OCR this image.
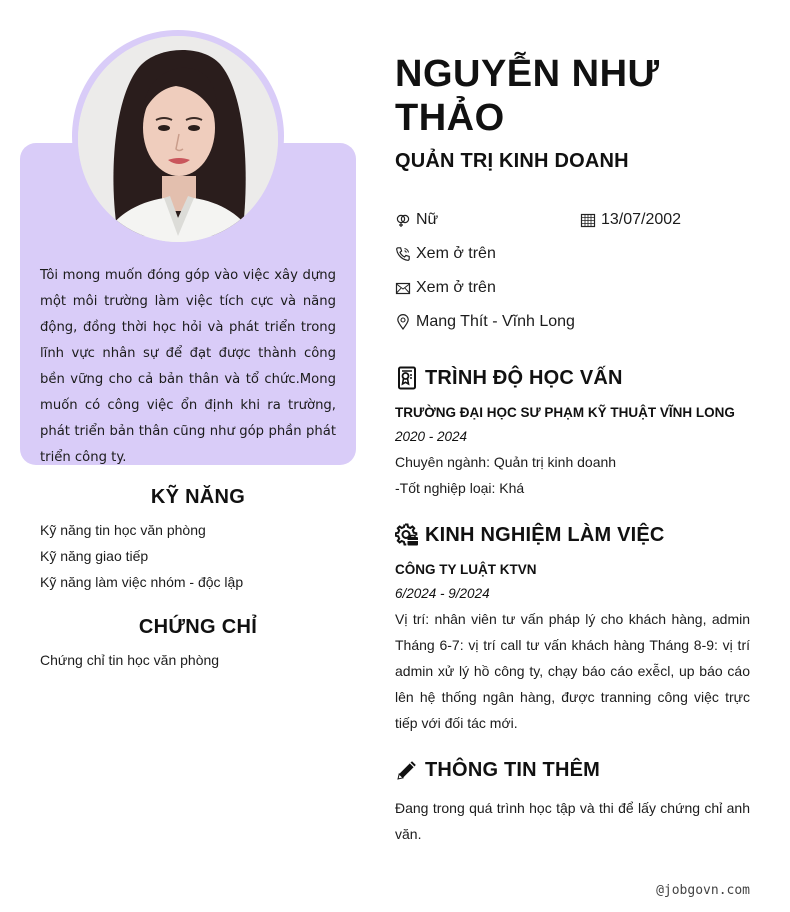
Tôi mong muốn đóng góp vào việc xây dựng một môi trường làm việc tích cực và năng động, đồng thời học hỏi và phát triển trong lĩnh vực nhân sự để đạt được thành công bền vững cho cả bản thân và tổ chức.Mong muốn có công việc ổn định khi ra trường, phát triển bản thân cũng như góp phần phát triển công ty.

KỸ NĂNG
Kỹ năng tin học văn phòng
Kỹ năng giao tiếp
Kỹ năng làm việc nhóm - độc lập
CHỨNG CHỈ
Chứng chỉ tin học văn phòng
NGUYỄN NHƯ
THẢO
QUẢN TRỊ KINH DOANH
Nữ	13/07/2002
Xem ở trên
Xem ở trên
Mang Thít - Vĩnh Long
TRÌNH ĐỘ HỌC VẤN
TRƯỜNG ĐẠI HỌC SƯ PHẠM KỸ THUẬT VĨNH LONG
2020 - 2024
Chuyên ngành: Quản trị kinh doanh
-Tốt nghiệp loại: Khá
KINH NGHIỆM LÀM VIỆC
CÔNG TY LUẬT KTVN
6/2024 - 9/2024

Vị trí: nhân viên tư vấn pháp lý cho khách hàng, admin Tháng 6-7: vị trí call tư vấn khách hàng Tháng 8-9: vị trí admin xử lý hồ công ty, chạy báo cáo exễcl, up báo cáo lên hệ thống ngân hàng, được tranning công việc trực tiếp với đối tác mới.

THÔNG TIN THÊM

Đang trong quá trình học tập và thi để lấy chứng chỉ anh văn.

@jobgovn.com
